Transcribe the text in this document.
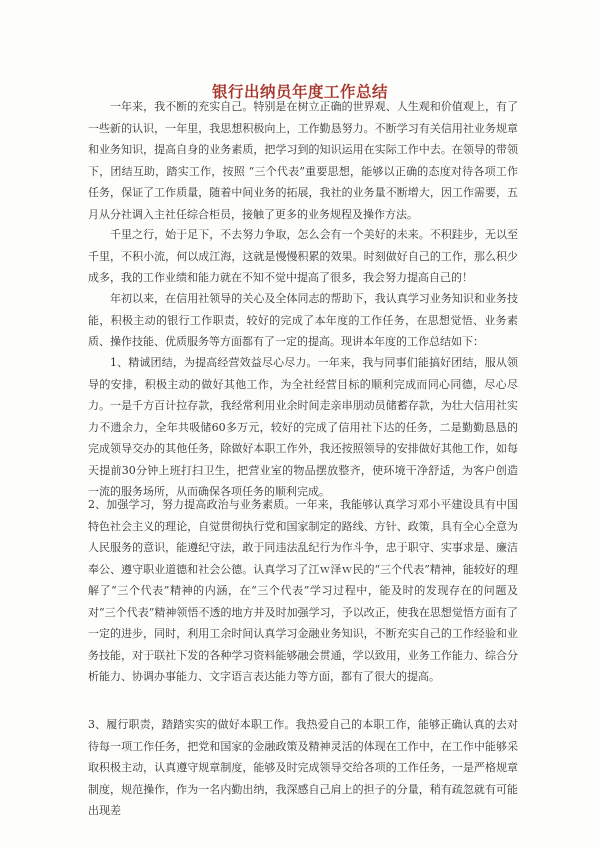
银行出纳员年度工作总结

一年来，我不断的充实自己。特别是在树立正确的世界观、人生观和价值观上，有了一些新的认识，一年里，我思想积极向上，工作勤恳努力。不断学习有关信用社业务规章和业务知识，提高自身的业务素质，把学习到的知识运用在实际工作中去。在领导的带领下，团结互助，踏实工作，按照 “三个代表”重要思想，能够以正确的态度对待各项工作任务，保证了工作质量，随着中间业务的拓展，我社的业务量不断增大，因工作需要，五月从分社调入主社任综合柜员，接触了更多的业务规程及操作方法。

千里之行，始于足下，不去努力争取，怎么会有一个美好的未来。不积跬步，无以至千里，不积小流，何以成江海，这就是慢慢积累的效果。时刻做好自己的工作，那么积少成多，我的工作业绩和能力就在不知不觉中提高了很多，我会努力提高自己的！

年初以来，在信用社领导的关心及全体同志的帮助下，我认真学习业务知识和业务技能，积极主动的银行工作职责，较好的完成了本年度的工作任务，在思想觉悟、业务素质、操作技能、优质服务等方面都有了一定的提高。现讲本年度的工作总结如下：

1、精诚团结，为提高经营效益尽心尽力。一年来，我与同事们能搞好团结，服从领导的安排，积极主动的做好其他工作，为全社经营目标的顺利完成而同心同德，尽心尽力。一是千方百计拉存款，我经常利用业余时间走亲串朋动员储蓄存款，为壮大信用社实力不遗余力，全年共吸储60多万元，较好的完成了信用社下达的任务，二是勤勤恳恳的完成领导交办的其他任务，除做好本职工作外，我还按照领导的安排做好其他工作，如每天提前30分钟上班打扫卫生，把营业室的物品摆放整齐，使环境干净舒适，为客户创造一流的服务场所，从而确保各项任务的顺利完成。

2、加强学习，努力提高政治与业务素质。一年来，我能够认真学习邓小平建设具有中国特色社会主义的理论，自觉贯彻执行党和国家制定的路线、方针、政策，具有全心全意为人民服务的意识，能遵纪守法，敢于同违法乱纪行为作斗争，忠于职守、实事求是、廉洁奉公、遵守职业道德和社会公德。认真学习了江ｗ泽ｗ民的“三个代表”精神，能较好的理解了“三个代表”精神的内涵，在“三个代表”学习过程中，能及时的发现存在的问题及对“三个代表”精神领悟不透的地方并及时加强学习，予以改正，使我在思想觉悟方面有了一定的进步，同时，利用工余时间认真学习金融业务知识，不断充实自己的工作经验和业务技能，对于联社下发的各种学习资料能够融会贯通，学以致用，业务工作能力、综合分析能力、协调办事能力、文字语言表达能力等方面，都有了很大的提高。

3、履行职责，踏踏实实的做好本职工作。我热爱自己的本职工作，能够正确认真的去对待每一项工作任务，把党和国家的金融政策及精神灵活的体现在工作中，在工作中能够采取积极主动，认真遵守规章制度，能够及时完成领导交给各项的工作任务，一是严格规章制度，规范操作，作为一名内勤出纳，我深感自己肩上的担子的分量，稍有疏忽就有可能出现差
